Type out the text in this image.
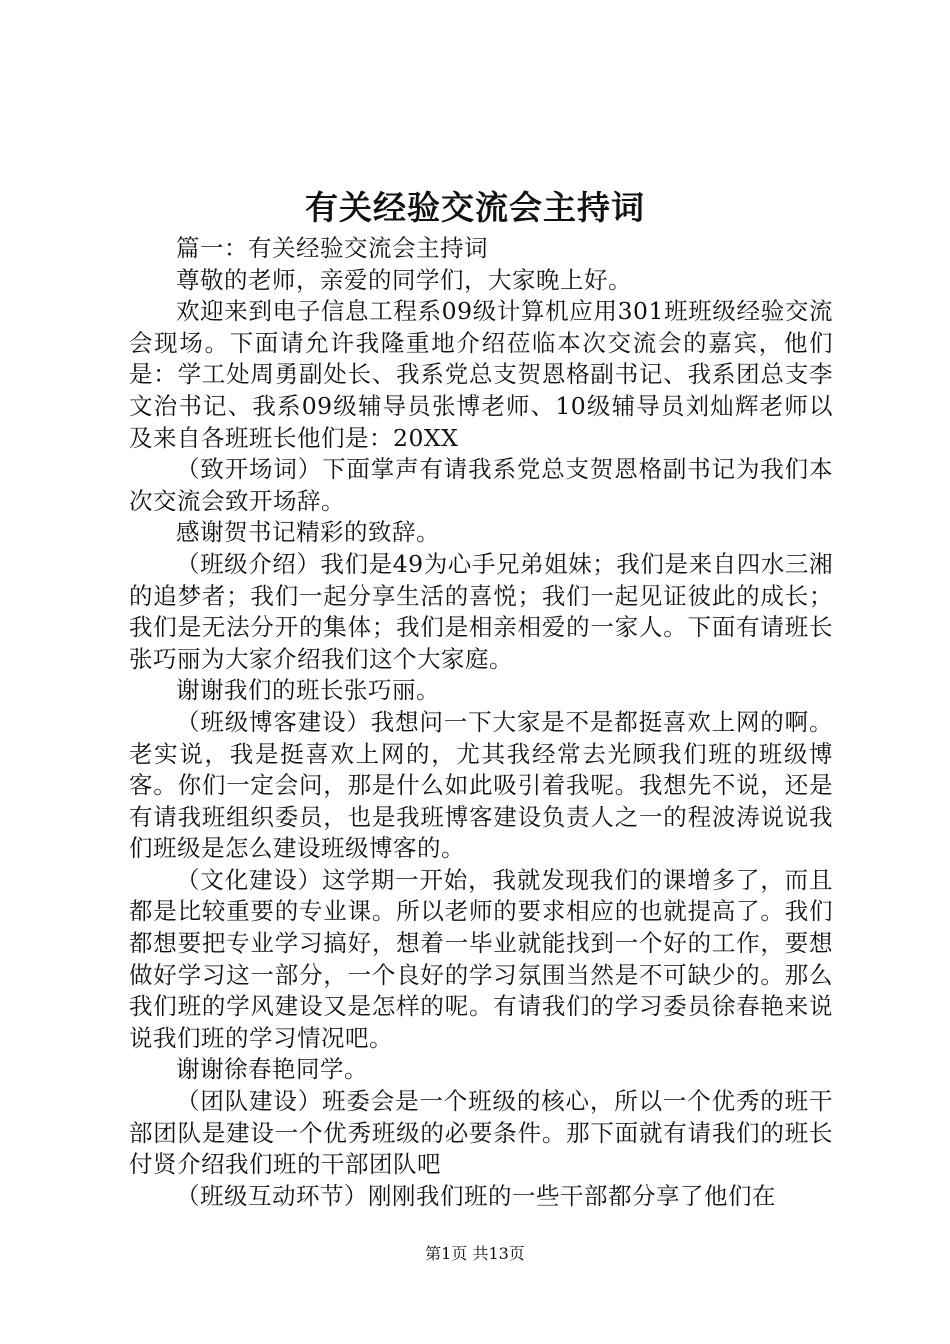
有关经验交流会主持词

篇一：有关经验交流会主持词

尊敬的老师，亲爱的同学们，大家晚上好。

欢迎来到电子信息工程系09级计算机应用301班班级经验交流会现场。下面请允许我隆重地介绍莅临本次交流会的嘉宾，他们是：学工处周勇副处长、我系党总支贺恩格副书记、我系团总支李文治书记、我系09级辅导员张博老师、10级辅导员刘灿辉老师以及来自各班班长他们是：20XX

（致开场词）下面掌声有请我系党总支贺恩格副书记为我们本次交流会致开场辞。

感谢贺书记精彩的致辞。

（班级介绍）我们是49为心手兄弟姐妹；我们是来自四水三湘的追梦者；我们一起分享生活的喜悦；我们一起见证彼此的成长；我们是无法分开的集体；我们是相亲相爱的一家人。下面有请班长张巧丽为大家介绍我们这个大家庭。

谢谢我们的班长张巧丽。

（班级博客建设）我想问一下大家是不是都挺喜欢上网的啊。老实说，我是挺喜欢上网的，尤其我经常去光顾我们班的班级博客。你们一定会问，那是什么如此吸引着我呢。我想先不说，还是有请我班组织委员，也是我班博客建设负责人之一的程波涛说说我们班级是怎么建设班级博客的。

（文化建设）这学期一开始，我就发现我们的课增多了，而且都是比较重要的专业课。所以老师的要求相应的也就提高了。我们都想要把专业学习搞好，想着一毕业就能找到一个好的工作，要想做好学习这一部分，一个良好的学习氛围当然是不可缺少的。那么我们班的学风建设又是怎样的呢。有请我们的学习委员徐春艳来说说我们班的学习情况吧。

谢谢徐春艳同学。

（团队建设）班委会是一个班级的核心，所以一个优秀的班干部团队是建设一个优秀班级的必要条件。那下面就有请我们的班长付贤介绍我们班的干部团队吧

（班级互动环节）刚刚我们班的一些干部都分享了他们在

第1页 共13页
